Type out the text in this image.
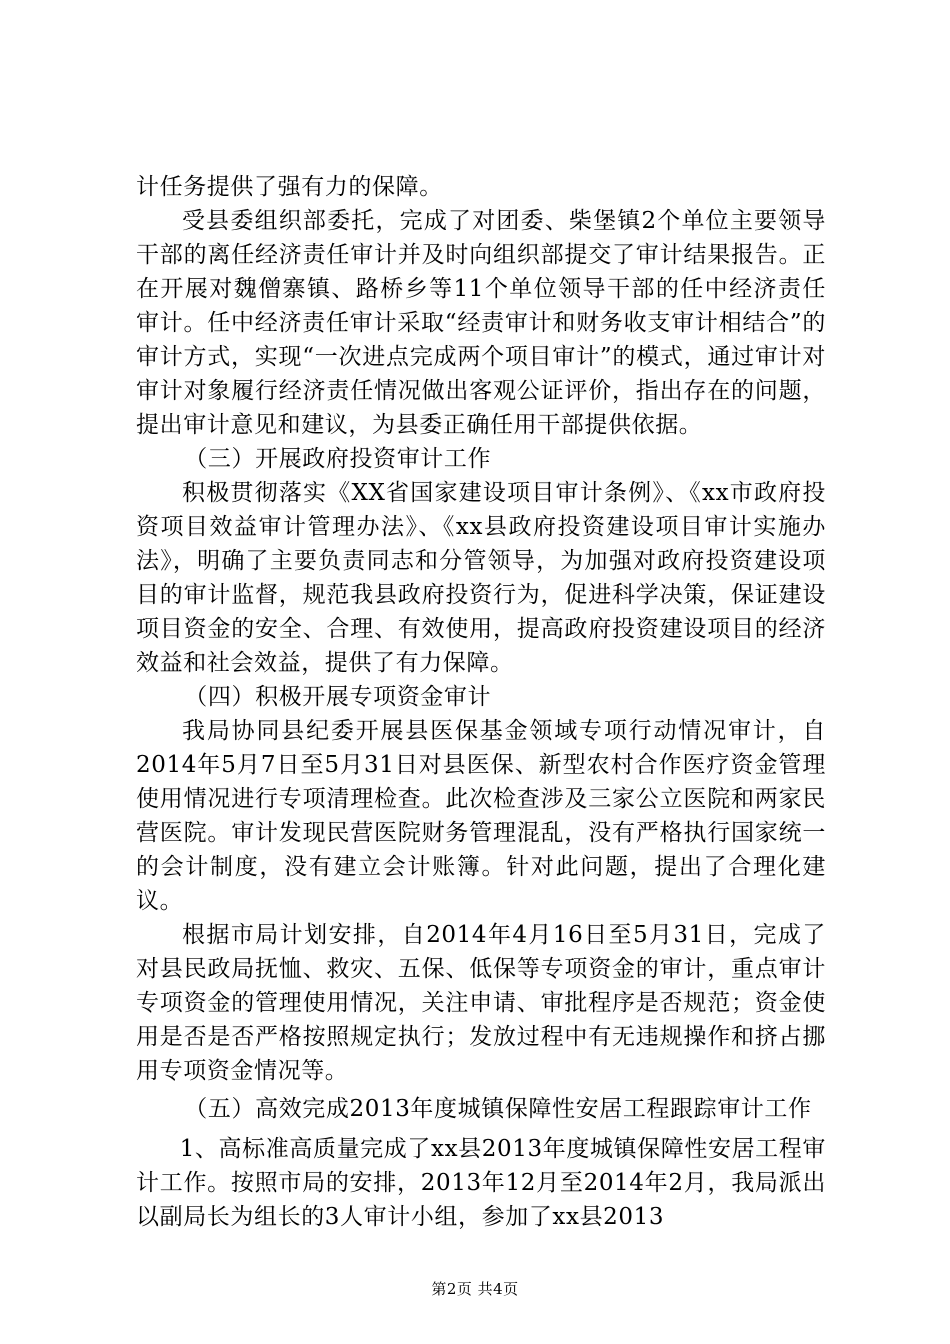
计任务提供了强有力的保障。

受县委组织部委托，完成了对团委、柴堡镇2个单位主要领导干部的离任经济责任审计并及时向组织部提交了审计结果报告。正在开展对魏僧寨镇、路桥乡等11个单位领导干部的任中经济责任审计。任中经济责任审计采取“经责审计和财务收支审计相结合”的审计方式，实现“一次进点完成两个项目审计”的模式，通过审计对审计对象履行经济责任情况做出客观公证评价，指出存在的问题，提出审计意见和建议，为县委正确任用干部提供依据。

（三）开展政府投资审计工作

积极贯彻落实《XX省国家建设项目审计条例》、《xx市政府投资项目效益审计管理办法》、《xx县政府投资建设项目审计实施办法》，明确了主要负责同志和分管领导，为加强对政府投资建设项目的审计监督，规范我县政府投资行为，促进科学决策，保证建设项目资金的安全、合理、有效使用，提高政府投资建设项目的经济效益和社会效益，提供了有力保障。

（四）积极开展专项资金审计

我局协同县纪委开展县医保基金领域专项行动情况审计，自2014年5月7日至5月31日对县医保、新型农村合作医疗资金管理使用情况进行专项清理检查。此次检查涉及三家公立医院和两家民营医院。审计发现民营医院财务管理混乱，没有严格执行国家统一的会计制度，没有建立会计账簿。针对此问题，提出了合理化建议。

根据市局计划安排，自2014年4月16日至5月31日，完成了对县民政局抚恤、救灾、五保、低保等专项资金的审计，重点审计专项资金的管理使用情况，关注申请、审批程序是否规范；资金使用是否是否严格按照规定执行；发放过程中有无违规操作和挤占挪用专项资金情况等。

（五）高效完成2013年度城镇保障性安居工程跟踪审计工作

1、高标准高质量完成了xx县2013年度城镇保障性安居工程审计工作。按照市局的安排，2013年12月至2014年2月，我局派出以副局长为组长的3人审计小组，参加了xx县2013

第2页 共4页
